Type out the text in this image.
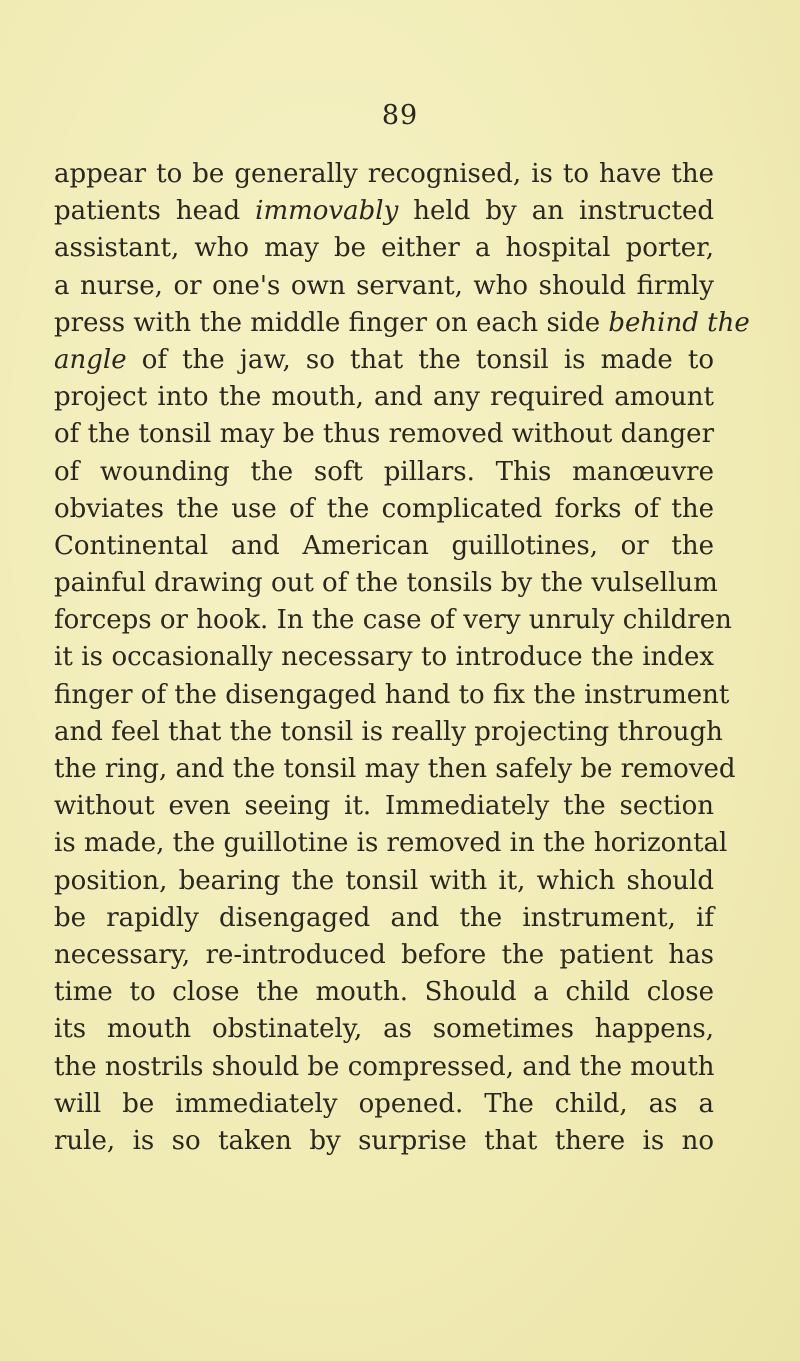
89
appear to be generally recognised, is to have the
patients head immovably held by an instructed
assistant, who may be either a hospital porter,
a nurse, or one's own servant, who should firmly
press with the middle finger on each side behind the
angle of the jaw, so that the tonsil is made to
project into the mouth, and any required amount
of the tonsil may be thus removed without danger
of wounding the soft pillars. This manœuvre
obviates the use of the complicated forks of the
Continental and American guillotines, or the
painful drawing out of the tonsils by the vulsellum
forceps or hook. In the case of very unruly children
it is occasionally necessary to introduce the index
finger of the disengaged hand to fix the instrument
and feel that the tonsil is really projecting through
the ring, and the tonsil may then safely be removed
without even seeing it. Immediately the section
is made, the guillotine is removed in the horizontal
position, bearing the tonsil with it, which should
be rapidly disengaged and the instrument, if
necessary, re-introduced before the patient has
time to close the mouth. Should a child close
its mouth obstinately, as sometimes happens,
the nostrils should be compressed, and the mouth
will be immediately opened. The child, as a
rule, is so taken by surprise that there is no
